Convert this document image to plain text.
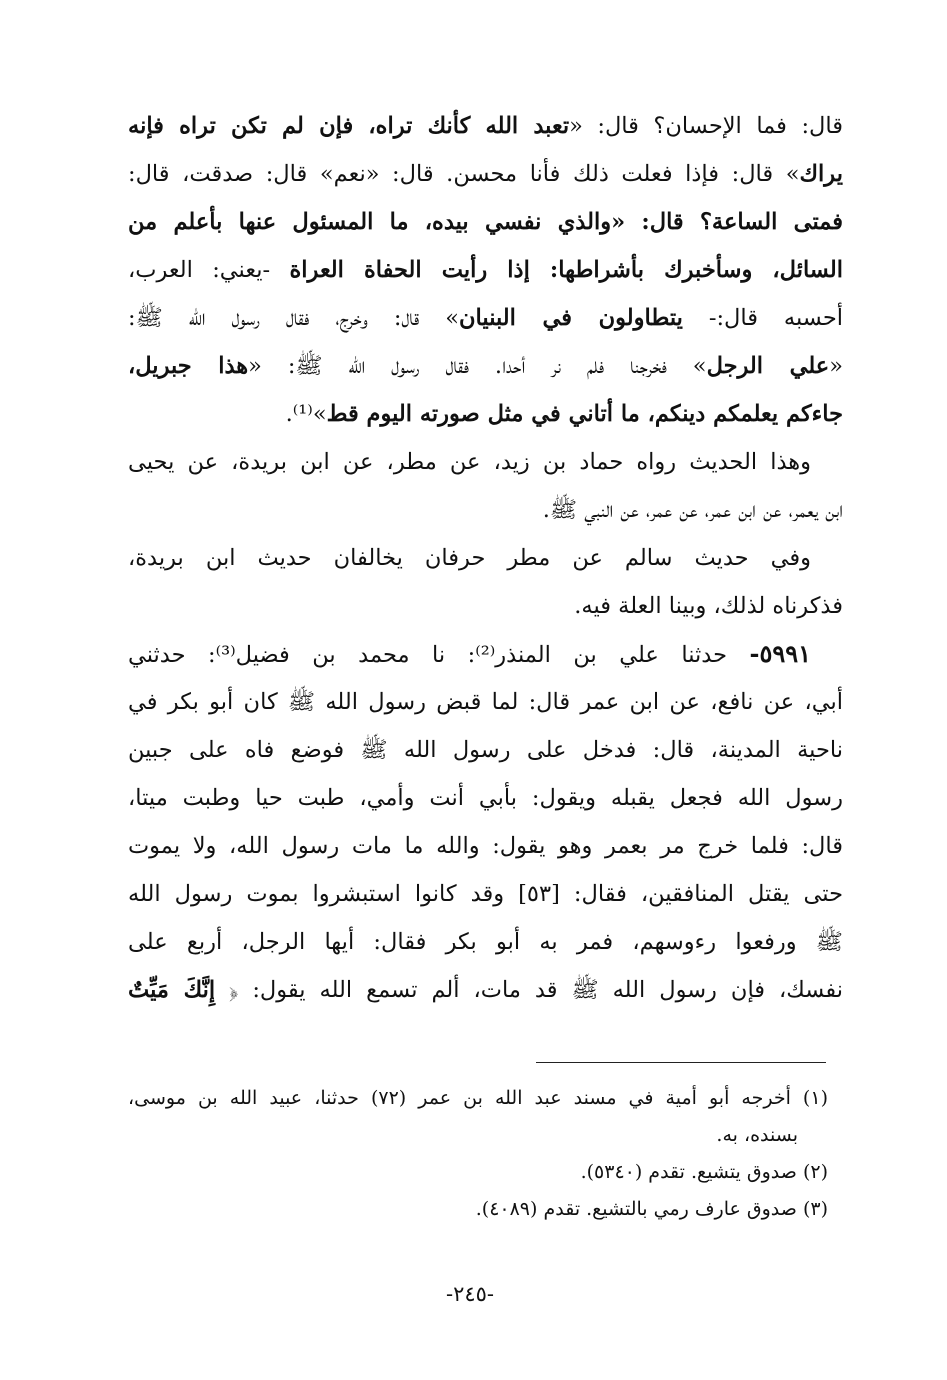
قال: فما الإحسان؟ قال: «تعبد الله كأنك تراه، فإن لم تكن تراه فإنه
يراك» قال: فإذا فعلت ذلك فأنا محسن. قال: «نعم» قال: صدقت، قال:
فمتى الساعة؟ قال: «والذي نفسي بيده، ما المسئول عنها بأعلم من
السائل، وسأخبرك بأشراطها: إذا رأيت الحفاة العراة -يعني: العرب،
أحسبه قال:- يتطاولون في البنيان» قال: وخرج، فقال رسول الله ﷺ:
«علي الرجل» فخرجنا فلم نر أحدا. فقال رسول الله ﷺ: «هذا جبريل،
جاءكم يعلمكم دينكم، ما أتاني في مثل صورته اليوم قط»⁽¹⁾.
وهذا الحديث رواه حماد بن زيد، عن مطر، عن ابن بريدة، عن يحيى
ابن يعمر، عن ابن عمر، عن عمر، عن النبي ﷺ.
وفي حديث سالم عن مطر حرفان يخالفان حديث ابن بريدة،
فذكرناه لذلك، وبينا العلة فيه.
٥٩٩١- حدثنا علي بن المنذر⁽²⁾: نا محمد بن فضيل⁽³⁾: حدثني
أبي، عن نافع، عن ابن عمر قال: لما قبض رسول الله ﷺ كان أبو بكر في
ناحية المدينة، قال: فدخل على رسول الله ﷺ فوضع فاه على جبين
رسول الله فجعل يقبله ويقول: بأبي أنت وأمي، طبت حيا وطبت ميتا،
قال: فلما خرج مر بعمر وهو يقول: والله ما مات رسول الله، ولا يموت
حتى يقتل المنافقين، فقال: [٥٣] وقد كانوا استبشروا بموت رسول الله
ﷺ ورفعوا رءوسهم، فمر به أبو بكر فقال: أيها الرجل، أربع على
نفسك، فإن رسول الله ﷺ قد مات، ألم تسمع الله يقول: ﴿ إِنَّكَ مَيِّتٌ
(١) أخرجه أبو أمية في مسند عبد الله بن عمر (٧٢) حدثنا، عبيد الله بن موسى،
بسنده، به.
(٢) صدوق يتشيع. تقدم (٥٣٤٠).
(٣) صدوق عارف رمي بالتشيع. تقدم (٤٠٨٩).
-٢٤٥-
